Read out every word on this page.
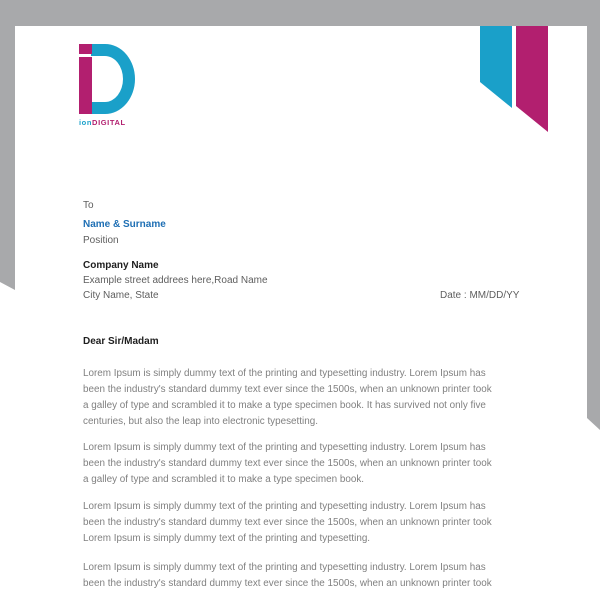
ionDIGITAL
To
Name & Surname
Position
Company Name
Example street addrees here,Road Name
City Name, State	Date : MM/DD/YY
Dear Sir/Madam
Lorem Ipsum is simply dummy text of the printing and typesetting industry. Lorem Ipsum has
been the industry's standard dummy text ever since the 1500s, when an unknown printer took
a galley of type and scrambled it to make a type specimen book. It has survived not only five
centuries, but also the leap into electronic typesetting.
Lorem Ipsum is simply dummy text of the printing and typesetting industry. Lorem Ipsum has
been the industry's standard dummy text ever since the 1500s, when an unknown printer took
a galley of type and scrambled it to make a type specimen book.
Lorem Ipsum is simply dummy text of the printing and typesetting industry. Lorem Ipsum has
been the industry's standard dummy text ever since the 1500s, when an unknown printer took
Lorem Ipsum is simply dummy text of the printing and typesetting.
Lorem Ipsum is simply dummy text of the printing and typesetting industry. Lorem Ipsum has
been the industry's standard dummy text ever since the 1500s, when an unknown printer took
